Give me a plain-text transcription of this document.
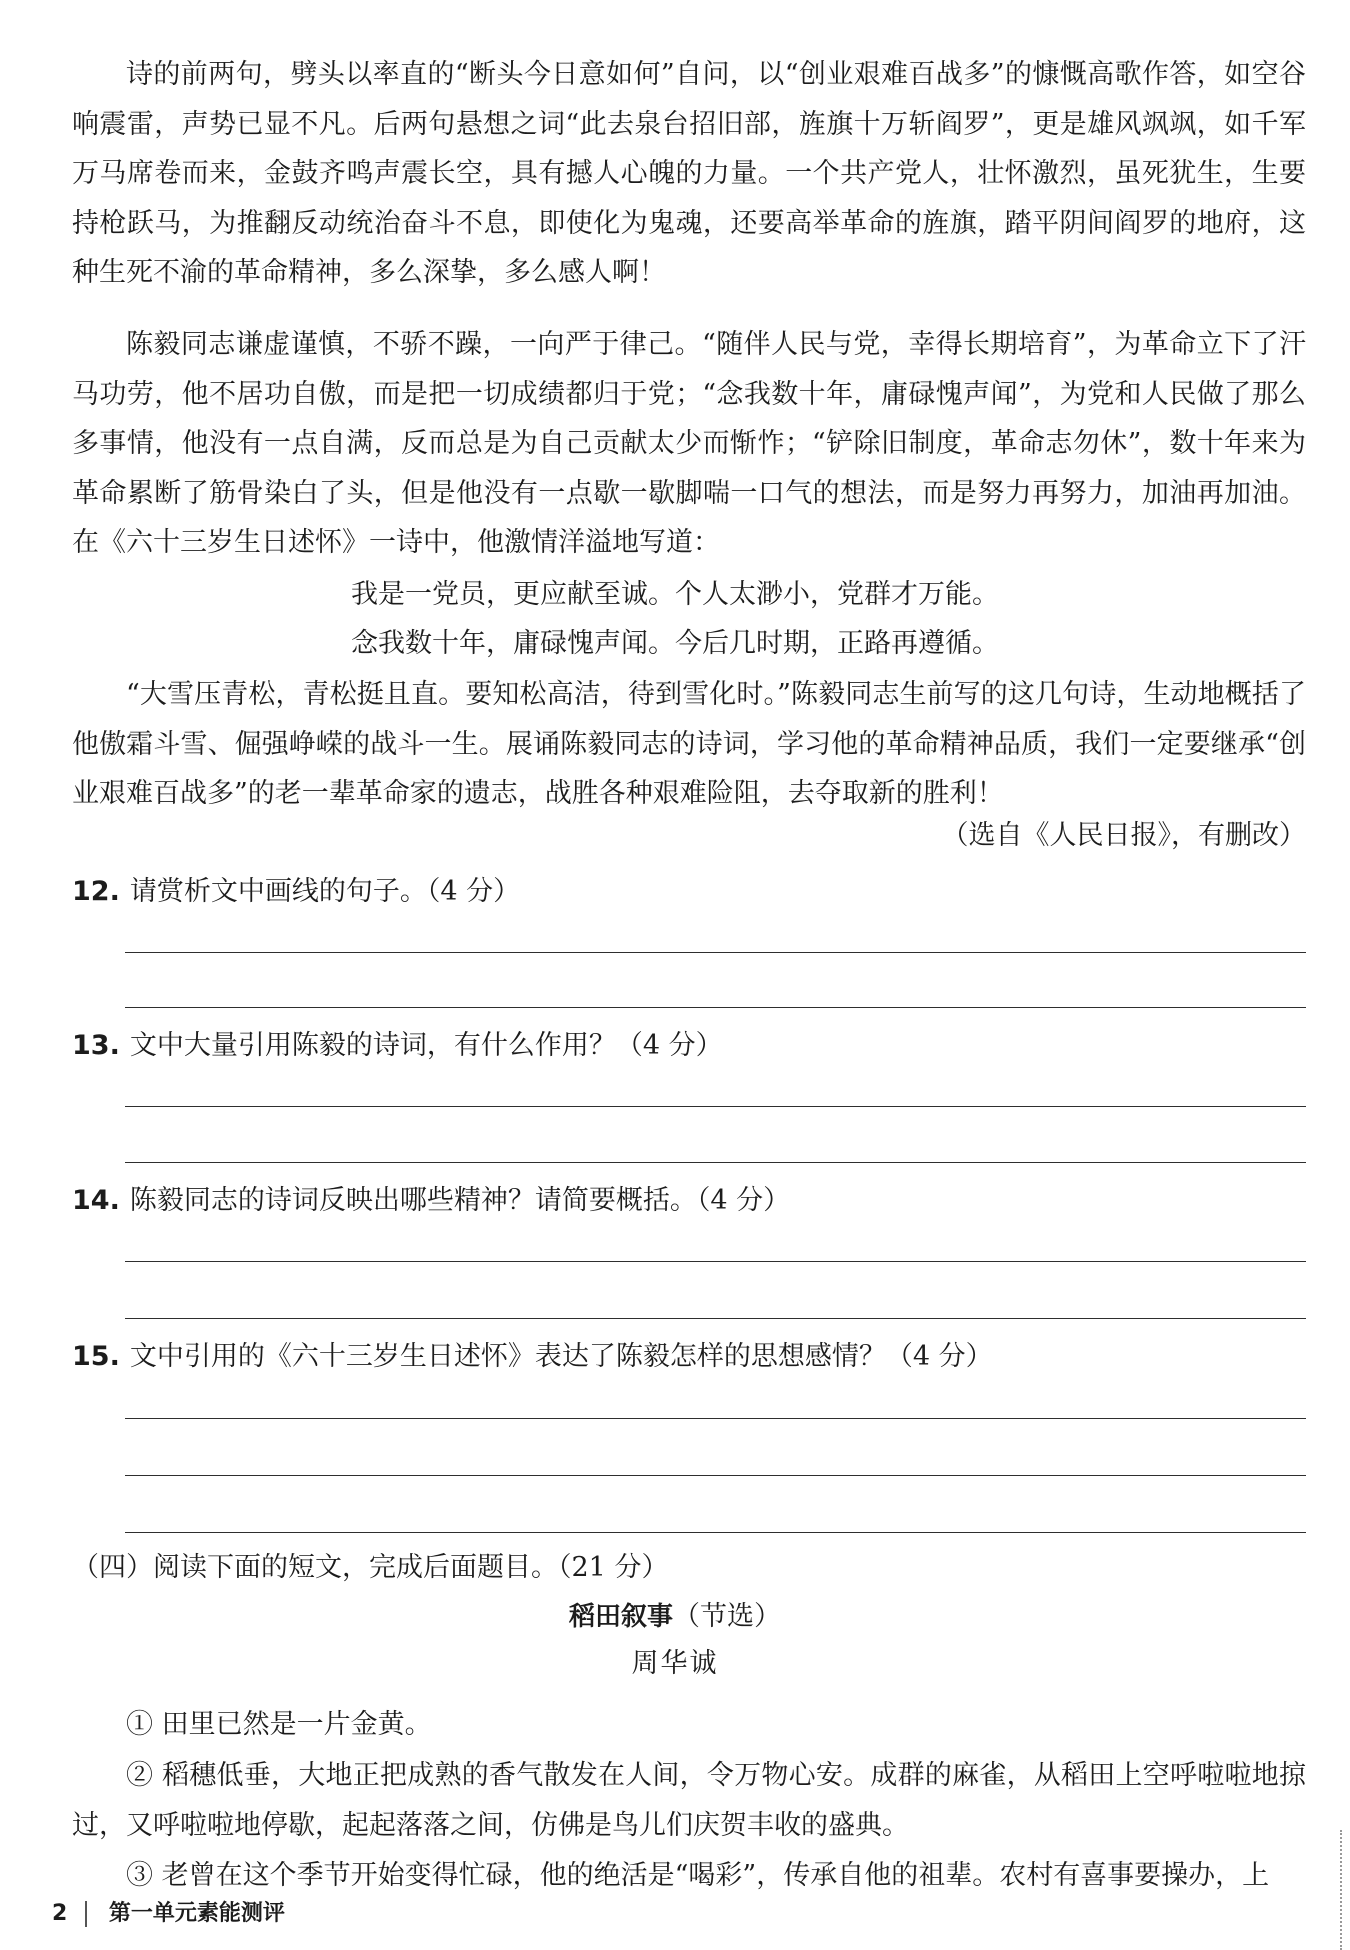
诗的前两句，劈头以率直的“断头今日意如何”自问，以“创业艰难百战多”的慷慨高歌作答，如空谷响震雷，声势已显不凡。后两句悬想之词“此去泉台招旧部，旌旗十万斩阎罗”，更是雄风飒飒，如千军万马席卷而来，金鼓齐鸣声震长空，具有撼人心魄的力量。一个共产党人，壮怀激烈，虽死犹生，生要持枪跃马，为推翻反动统治奋斗不息，即使化为鬼魂，还要高举革命的旌旗，踏平阴间阎罗的地府，这种生死不渝的革命精神，多么深挚，多么感人啊！

陈毅同志谦虚谨慎，不骄不躁，一向严于律己。“随伴人民与党，幸得长期培育”，为革命立下了汗马功劳，他不居功自傲，而是把一切成绩都归于党；“念我数十年，庸碌愧声闻”，为党和人民做了那么多事情，他没有一点自满，反而总是为自己贡献太少而惭怍；“铲除旧制度，革命志勿休”，数十年来为革命累断了筋骨染白了头，但是他没有一点歇一歇脚喘一口气的想法，而是努力再努力，加油再加油。在《六十三岁生日述怀》一诗中，他激情洋溢地写道：

我是一党员，更应献至诚。个人太渺小，党群才万能。

念我数十年，庸碌愧声闻。今后几时期，正路再遵循。

“大雪压青松，青松挺且直。要知松高洁，待到雪化时。”陈毅同志生前写的这几句诗，生动地概括了他傲霜斗雪、倔强峥嵘的战斗一生。展诵陈毅同志的诗词，学习他的革命精神品质，我们一定要继承“创业艰难百战多”的老一辈革命家的遗志，战胜各种艰难险阻，去夺取新的胜利！

（选自《人民日报》，有删改）
12. 请赏析文中画线的句子。（4 分）
13. 文中大量引用陈毅的诗词，有什么作用？（4 分）
14. 陈毅同志的诗词反映出哪些精神？请简要概括。（4 分）
15. 文中引用的《六十三岁生日述怀》表达了陈毅怎样的思想感情？（4 分）
（四）阅读下面的短文，完成后面题目。（21 分）
稻田叙事（节选）
周华诚

① 田里已然是一片金黄。

② 稻穗低垂，大地正把成熟的香气散发在人间，令万物心安。成群的麻雀，从稻田上空呼啦啦地掠过，又呼啦啦地停歇，起起落落之间，仿佛是鸟儿们庆贺丰收的盛典。

③ 老曾在这个季节开始变得忙碌，他的绝活是“喝彩”，传承自他的祖辈。农村有喜事要操办，上

2 第一单元素能测评
